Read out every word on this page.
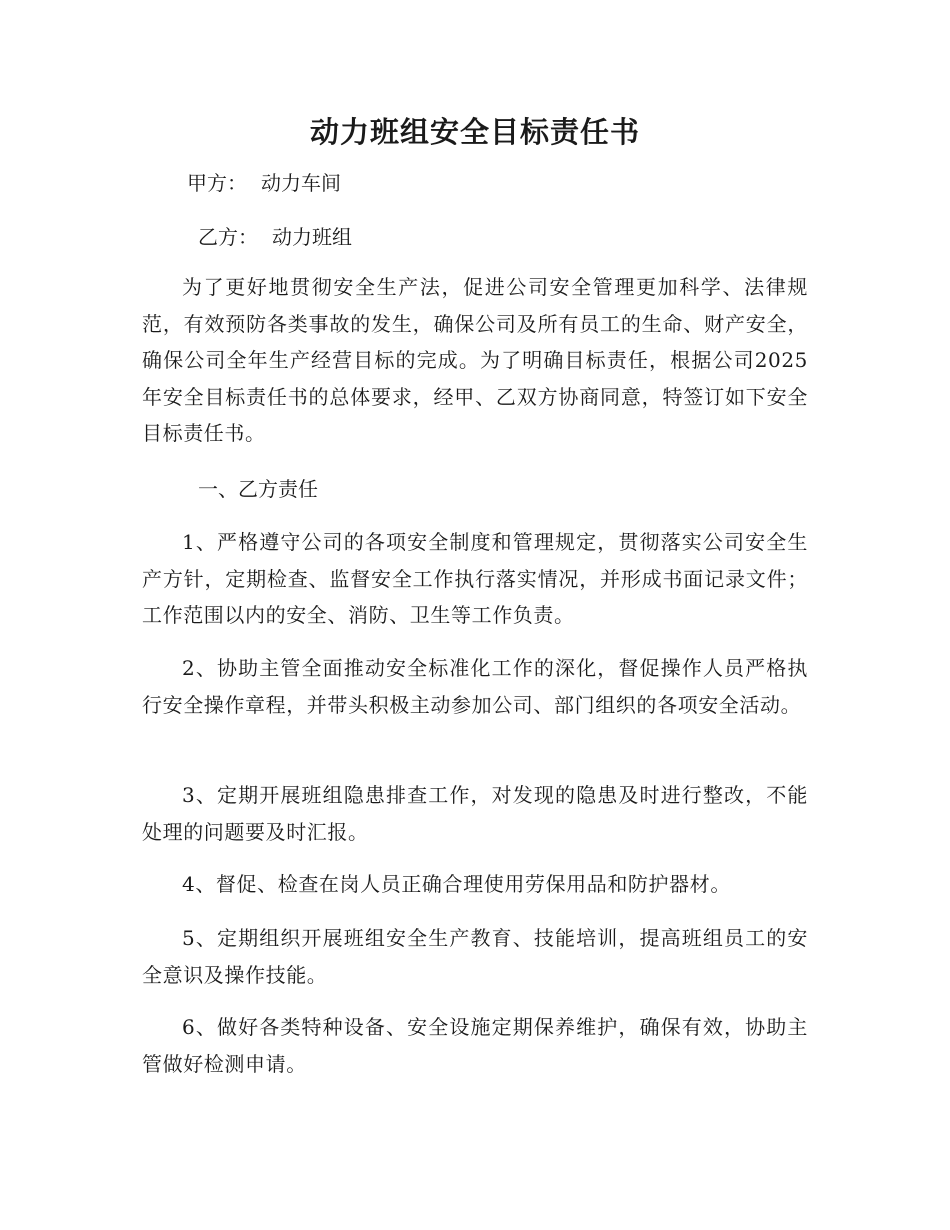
动力班组安全目标责任书
甲方： 动力车间
乙方： 动力班组
为了更好地贯彻安全生产法，促进公司安全管理更加科学、法律规范，有效预防各类事故的发生，确保公司及所有员工的生命、财产安全，确保公司全年生产经营目标的完成。为了明确目标责任，根据公司2025年安全目标责任书的总体要求，经甲、乙双方协商同意，特签订如下安全目标责任书。
一、乙方责任
1、严格遵守公司的各项安全制度和管理规定，贯彻落实公司安全生产方针，定期检查、监督安全工作执行落实情况，并形成书面记录文件；工作范围以内的安全、消防、卫生等工作负责。
2、协助主管全面推动安全标准化工作的深化，督促操作人员严格执行安全操作章程，并带头积极主动参加公司、部门组织的各项安全活动。
3、定期开展班组隐患排查工作，对发现的隐患及时进行整改，不能处理的问题要及时汇报。
4、督促、检查在岗人员正确合理使用劳保用品和防护器材。
5、定期组织开展班组安全生产教育、技能培训，提高班组员工的安全意识及操作技能。
6、做好各类特种设备、安全设施定期保养维护，确保有效，协助主管做好检测申请。
